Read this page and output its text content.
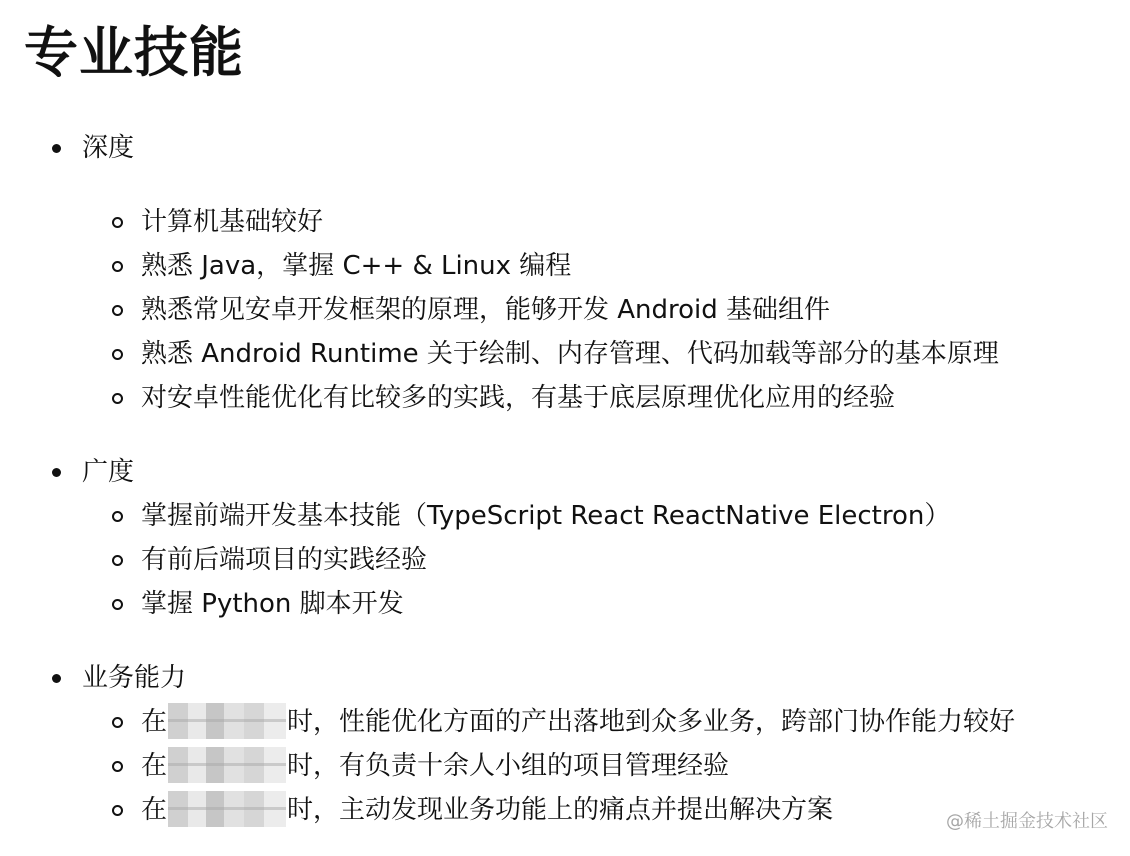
专业技能
深度
计算机基础较好
熟悉 Java，掌握 C++ & Linux 编程
熟悉常见安卓开发框架的原理，能够开发 Android 基础组件
熟悉 Android Runtime 关于绘制、内存管理、代码加载等部分的基本原理
对安卓性能优化有比较多的实践，有基于底层原理优化应用的经验
广度
掌握前端开发基本技能（TypeScript React ReactNative Electron）
有前后端项目的实践经验
掌握 Python 脚本开发
业务能力
在	时，性能优化方面的产出落地到众多业务，跨部门协作能力较好
在	时，有负责十余人小组的项目管理经验
在	时，主动发现业务功能上的痛点并提出解决方案	@稀土掘金技术社区
